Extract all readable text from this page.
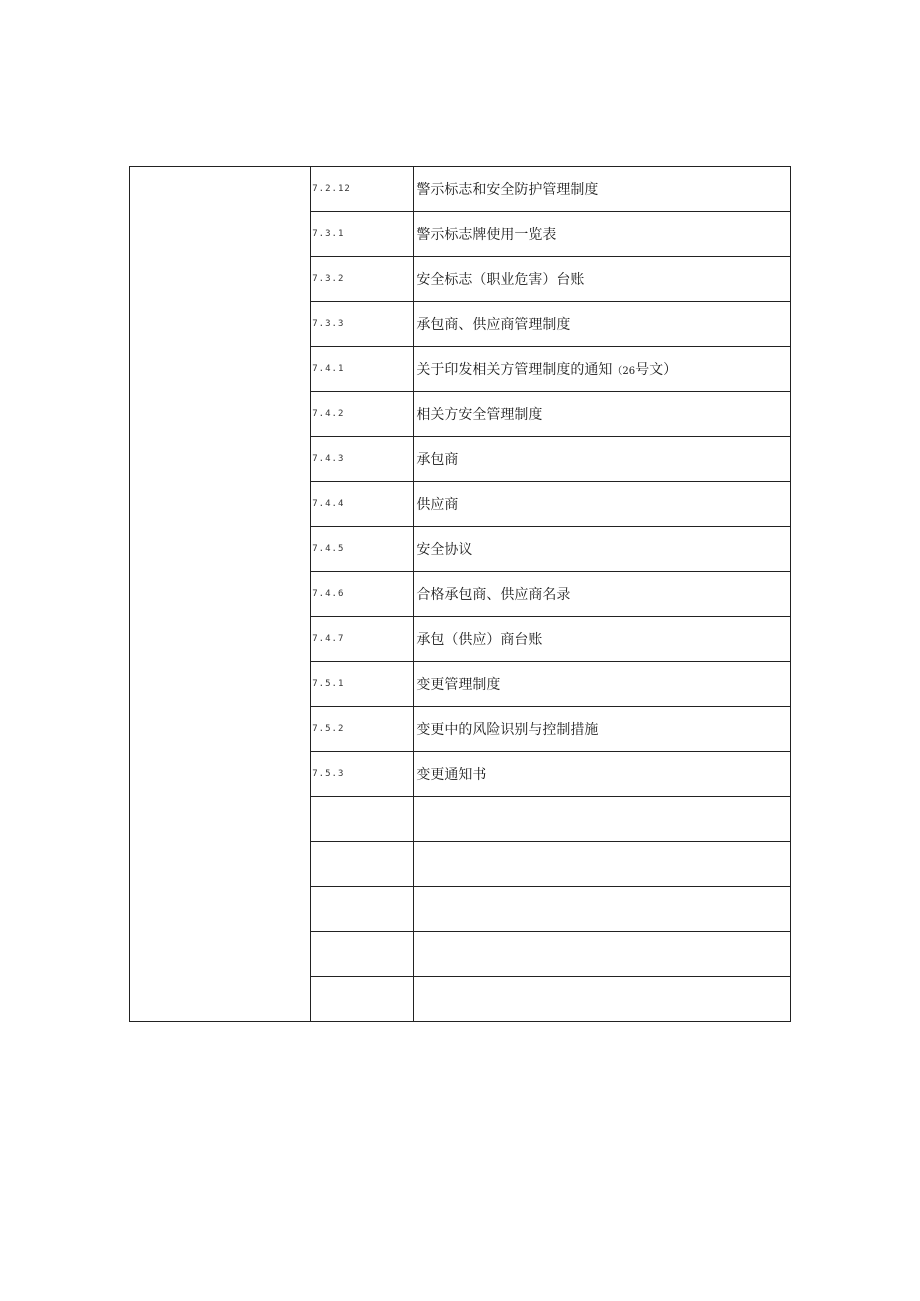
	7.2.12	警示标志和安全防护管理制度
	7.3.1	警示标志牌使用一览表
	7.3.2	安全标志（职业危害）台账
	7.3.3	承包商、供应商管理制度
	7.4.1	关于印发相关方管理制度的通知（26号文）
	7.4.2	相关方安全管理制度
	7.4.3	承包商
	7.4.4	供应商
	7.4.5	安全协议
	7.4.6	合格承包商、供应商名录
	7.4.7	承包（供应）商台账
	7.5.1	变更管理制度
	7.5.2	变更中的风险识别与控制措施
	7.5.3	变更通知书
